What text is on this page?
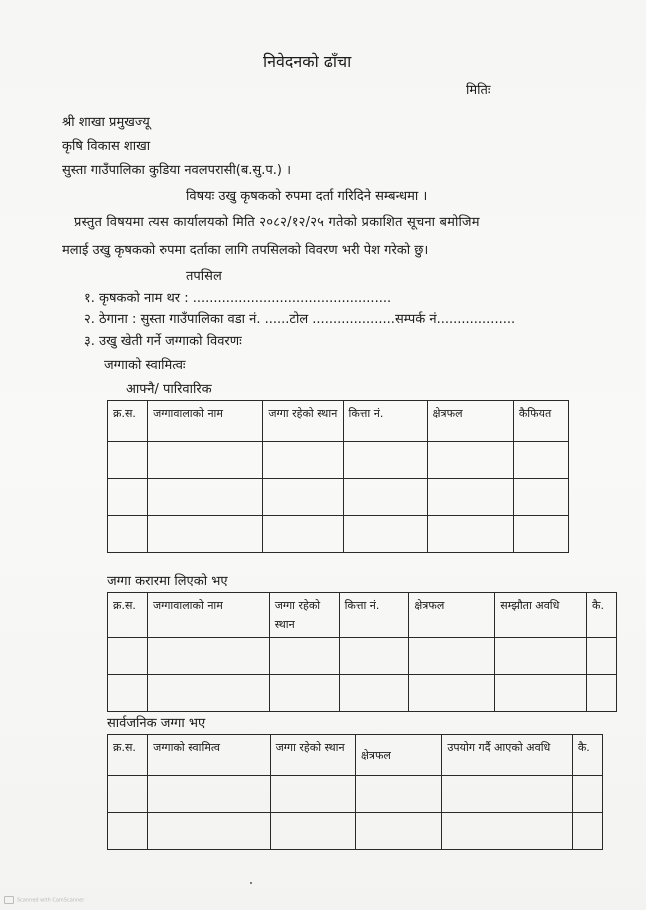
निवेदनको ढाँचा
मितिः
श्री शाखा प्रमुखज्यू
कृषि विकास शाखा
सुस्ता गाउँपालिका कुडिया नवलपरासी(ब.सु.प.) ।
विषयः उखु कृषकको रुपमा दर्ता गरिदिने सम्बन्धमा ।
प्रस्तुत विषयमा त्यस कार्यालयको मिति २०८२/१२/२५ गतेको प्रकाशित सूचना बमोजिम
मलाई उखु कृषकको रुपमा दर्ताका लागि तपसिलको विवरण भरी पेश गरेको छु।
तपसिल
१. कृषकको नाम थर : ................................................
२. ठेगाना : सुस्ता गाउँपालिका वडा नं. ......टोल ....................सम्पर्क नं...................
३. उखु खेती गर्ने जग्गाको विवरणः
जग्गाको स्वामित्वः
आफ्नै/ पारिवारिक
क्र.स.	जग्गावालाको नाम	जग्गा रहेको स्थान	कित्ता नं.	क्षेत्रफल	कैफियत

जग्गा करारमा लिएको भए
क्र.स.	जग्गावालाको नाम	जग्गा रहेको स्थान	कित्ता नं.	क्षेत्रफल	सम्झौता अवधि	कै.

सार्वजनिक जग्गा भए
क्र.स.	जग्गाको स्वामित्व	जग्गा रहेको स्थान	क्षेत्रफल	उपयोग गर्दै आएको अवधि	कै.

Scanned with CamScanner
